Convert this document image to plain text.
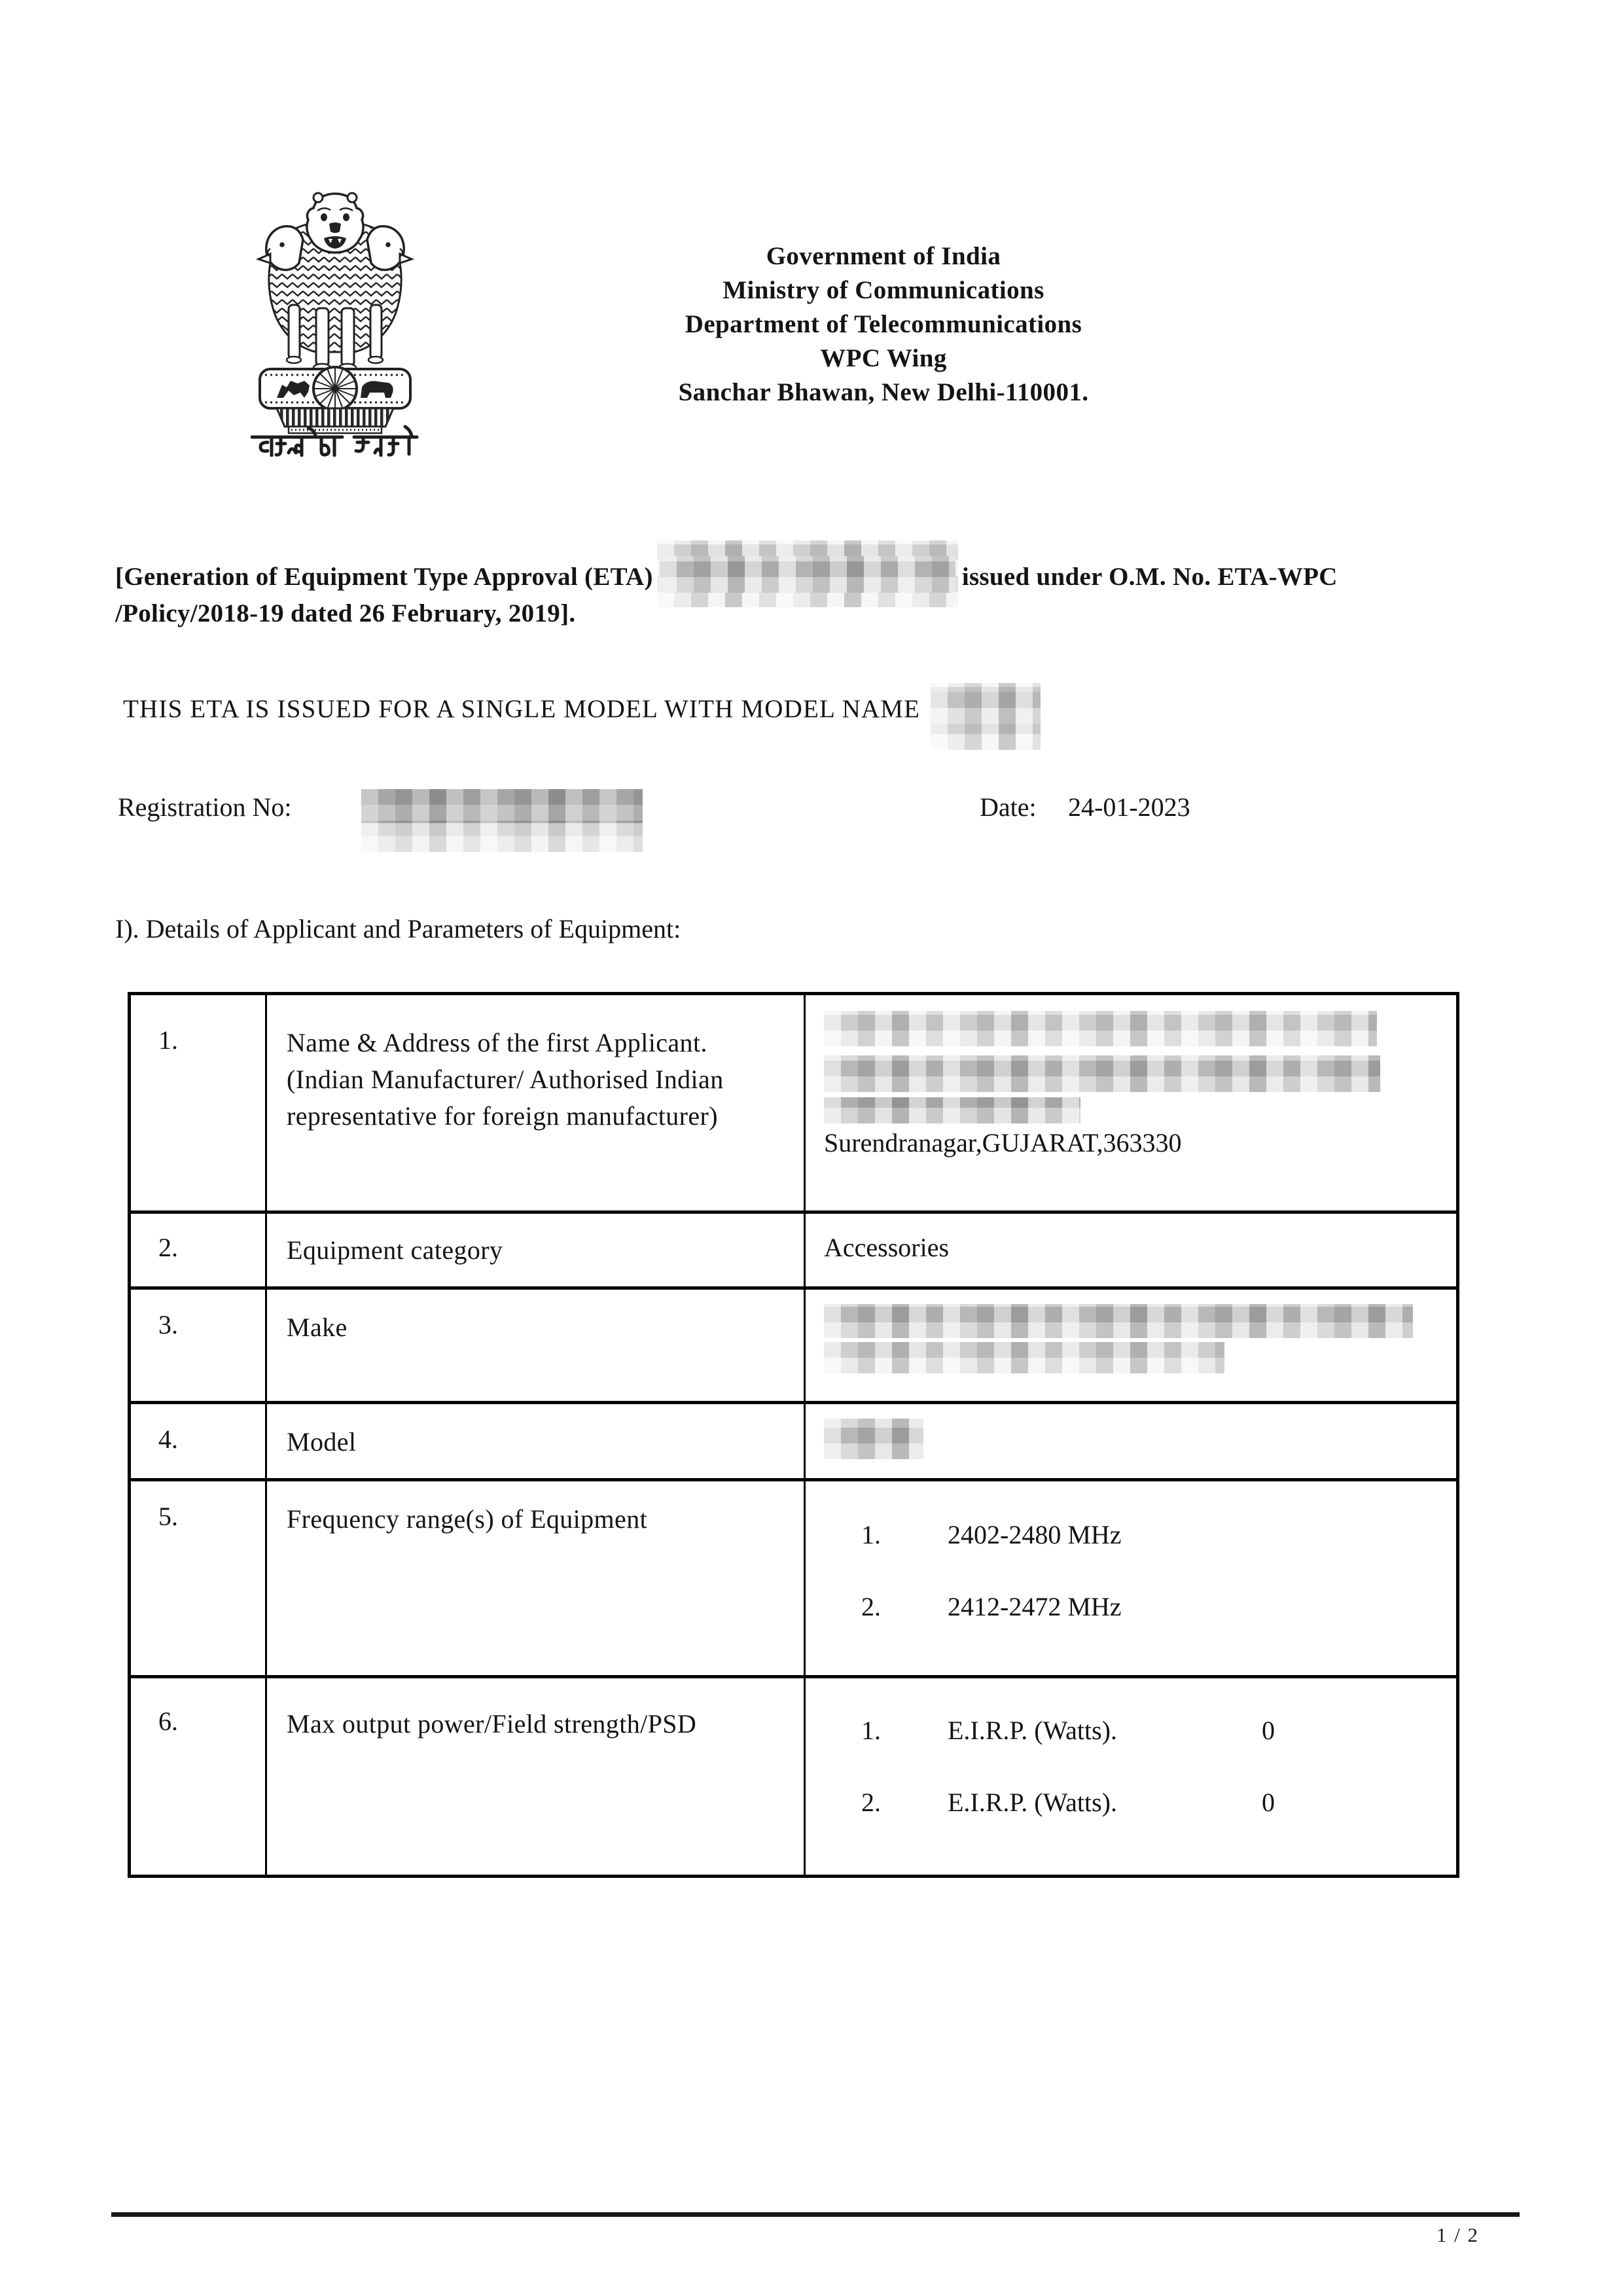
Government of India
Ministry of Communications
Department of Telecommunications
WPC Wing
Sanchar Bhawan, New Delhi-110001.
[Generation of Equipment Type Approval (ETA)	issued under O.M. No. ETA-WPC
/Policy/2018-19 dated 26 February, 2019].
THIS ETA IS ISSUED FOR A SINGLE MODEL WITH MODEL NAME
Registration No:	Date: 24-01-2023
I). Details of Applicant and Parameters of Equipment:
1.	Name & Address of the first Applicant. (Indian Manufacturer/ Authorised Indian representative for foreign manufacturer)
Surendranagar,GUJARAT,363330
2.	Equipment category	Accessories
3.	Make
4.	Model
5.	Frequency range(s) of Equipment
1.	2402-2480 MHz
2.	2412-2472 MHz
6.	Max output power/Field strength/PSD	1.	E.I.R.P. (Watts).	0
2.	E.I.R.P. (Watts).	0
1 / 2
